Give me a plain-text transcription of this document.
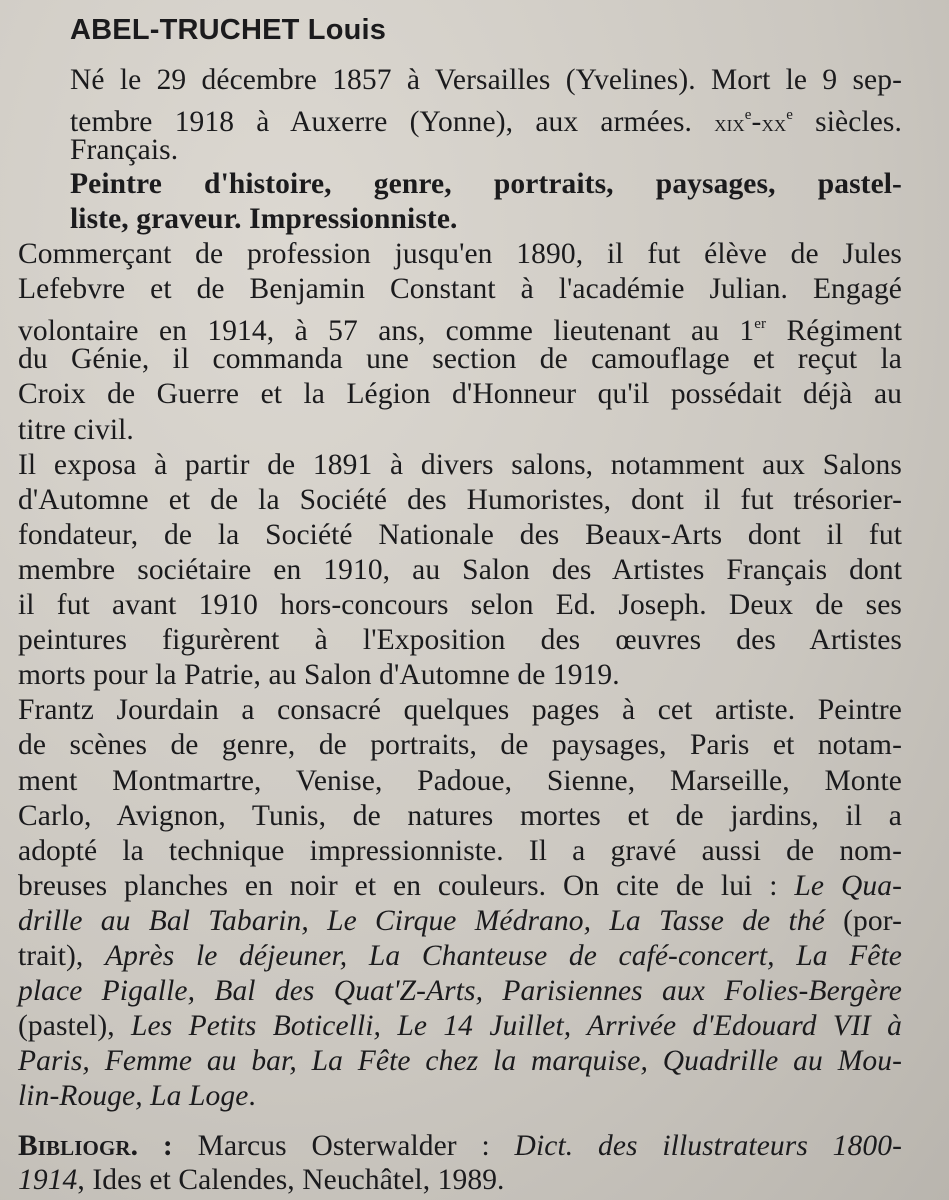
ABEL-TRUCHET Louis
Né le 29 décembre 1857 à Versailles (Yvelines). Mort le 9 sep-
tembre 1918 à Auxerre (Yonne), aux armées. $xix^e-xx^e$ siècles.
Français.
Peintre d'histoire, genre, portraits, paysages, pastel-
liste, graveur. Impressionniste.
Commerçant de profession jusqu'en 1890, il fut élève de Jules
Lefebvre et de Benjamin Constant à l'académie Julian. Engagé
volontaire en 1914, à 57 ans, comme lieutenant au 1er Régiment
du Génie, il commanda une section de camouflage et reçut la
Croix de Guerre et la Légion d'Honneur qu'il possédait déjà au
titre civil.
Il exposa à partir de 1891 à divers salons, notamment aux Salons
d'Automne et de la Société des Humoristes, dont il fut trésorier-
fondateur, de la Société Nationale des Beaux-Arts dont il fut
membre sociétaire en 1910, au Salon des Artistes Français dont
il fut avant 1910 hors-concours selon Ed. Joseph. Deux de ses
peintures figurèrent à l'Exposition des œuvres des Artistes
morts pour la Patrie, au Salon d'Automne de 1919.
Frantz Jourdain a consacré quelques pages à cet artiste. Peintre
de scènes de genre, de portraits, de paysages, Paris et notam-
ment Montmartre, Venise, Padoue, Sienne, Marseille, Monte
Carlo, Avignon, Tunis, de natures mortes et de jardins, il a
adopté la technique impressionniste. Il a gravé aussi de nom-
breuses planches en noir et en couleurs. On cite de lui : Le Qua-
drille au Bal Tabarin, Le Cirque Médrano, La Tasse de thé (por-
trait), Après le déjeuner, La Chanteuse de café-concert, La Fête
place Pigalle, Bal des Quat'Z-Arts, Parisiennes aux Folies-Bergère
(pastel), Les Petits Boticelli, Le 14 Juillet, Arrivée d'Edouard VII à
Paris, Femme au bar, La Fête chez la marquise, Quadrille au Mou-
lin-Rouge, La Loge.
Bibliogr. : Marcus Osterwalder : Dict. des illustrateurs 1800-
1914, Ides et Calendes, Neuchâtel, 1989.
